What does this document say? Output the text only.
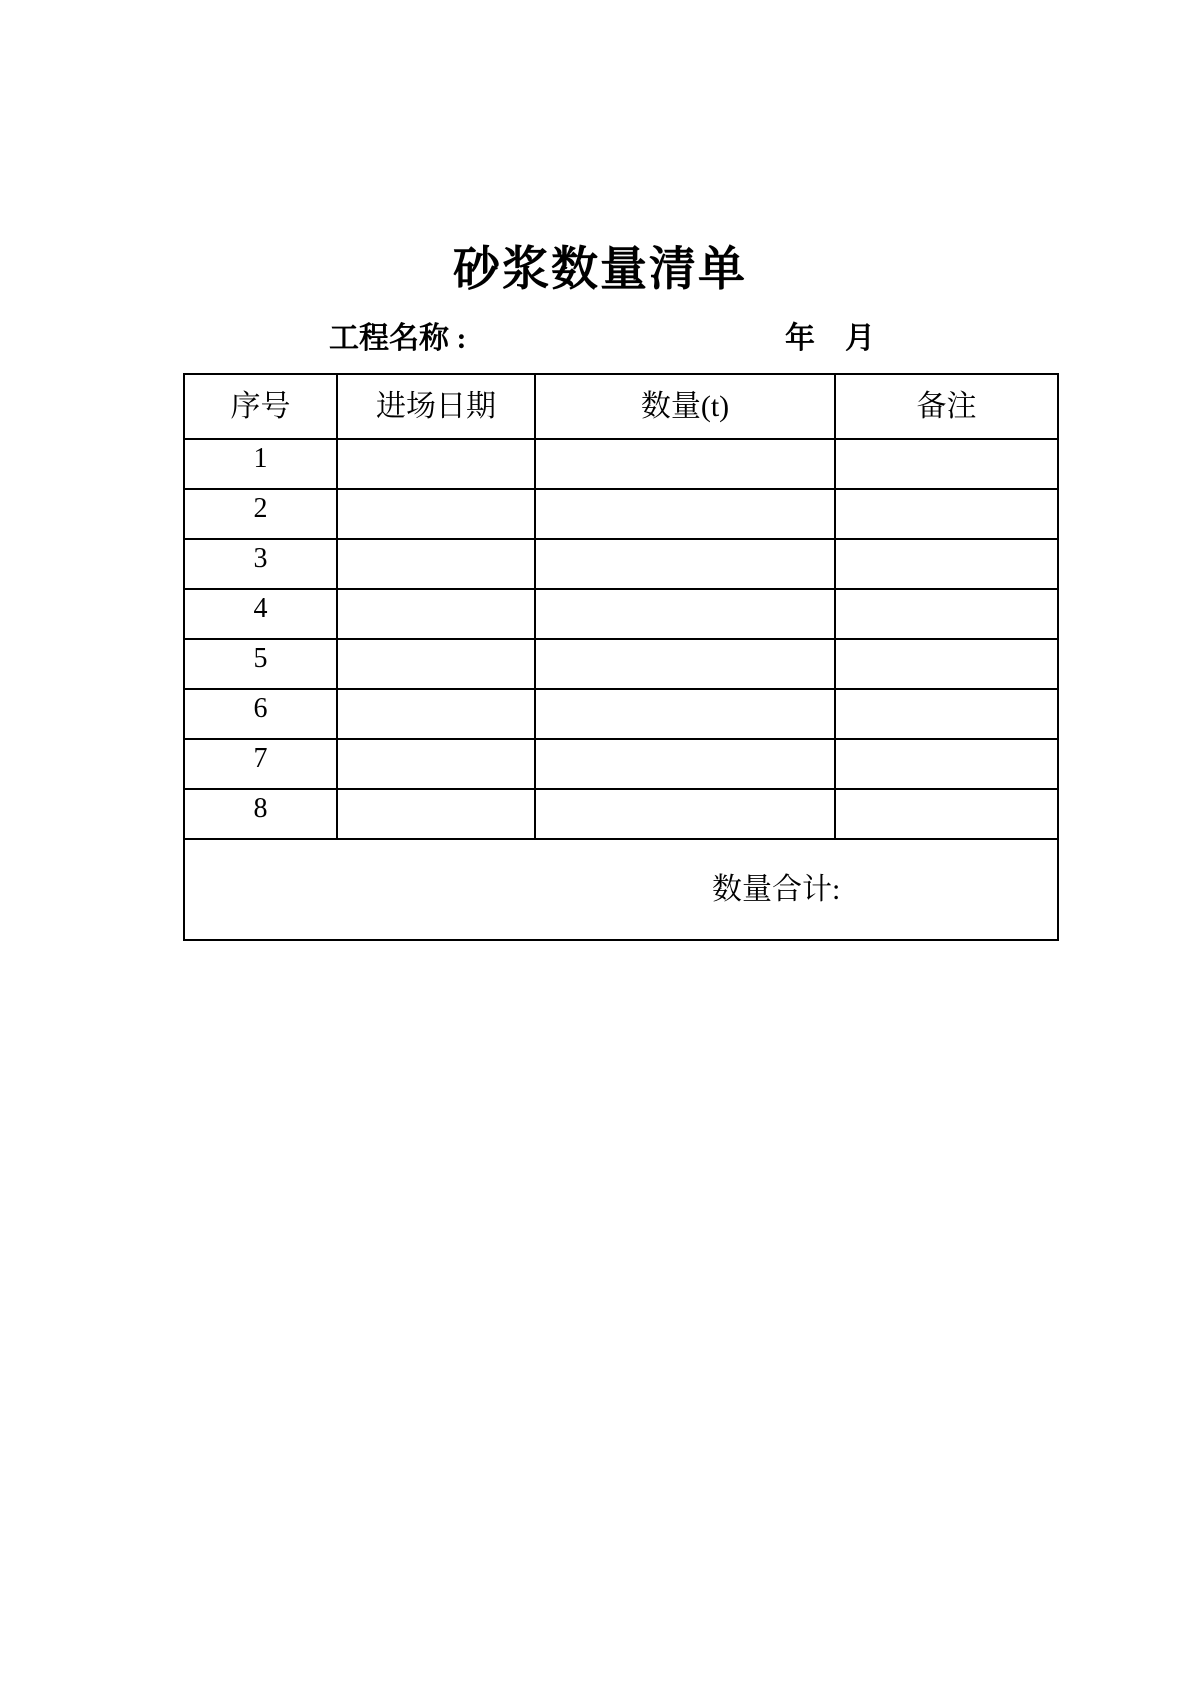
砂浆数量清单
工程名称 :	年　月
序号	进场日期	数量(t)	备注
1			
2			
3			
4			
5			
6			
7			
8			

数量合计:			
